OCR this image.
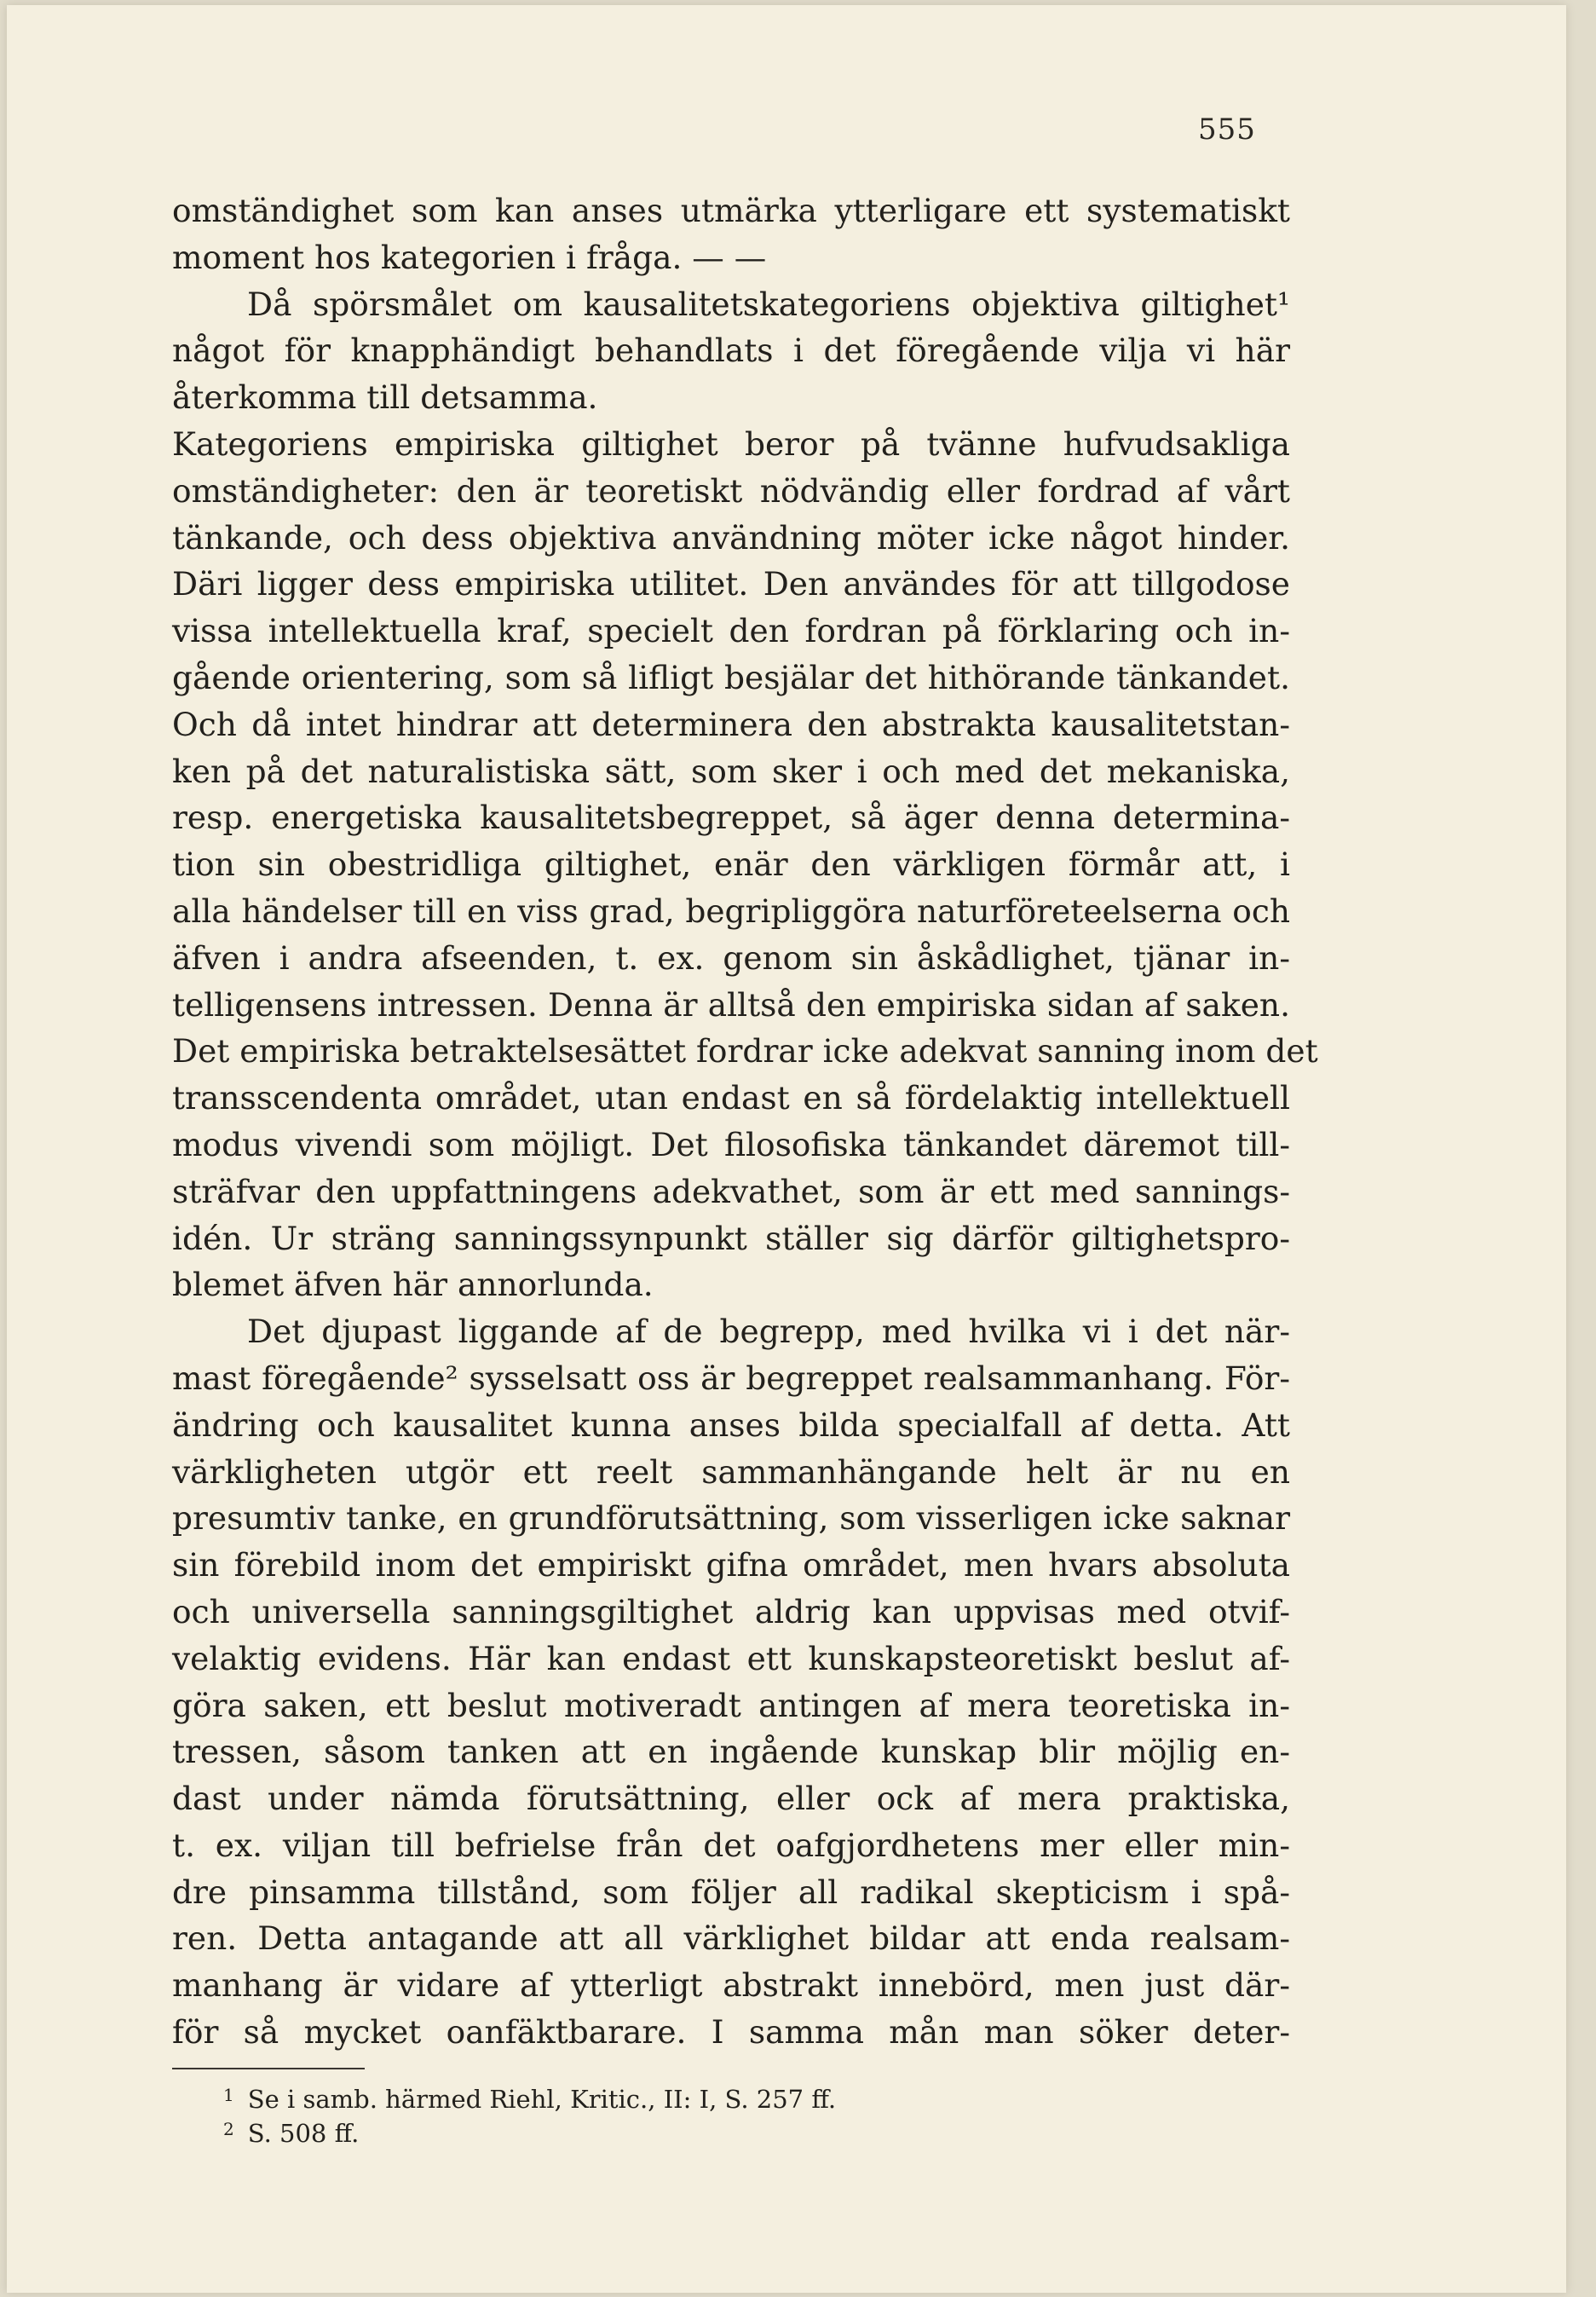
555
omständighet som kan anses utmärka ytterligare ett systematiskt
moment hos kategorien i fråga. — —
Då spörsmålet om kausalitetskategoriens objektiva giltighet¹
något för knapphändigt behandlats i det föregående vilja vi här
återkomma till detsamma.
Kategoriens empiriska giltighet beror på tvänne hufvudsakliga
omständigheter: den är teoretiskt nödvändig eller fordrad af vårt
tänkande, och dess objektiva användning möter icke något hinder.
Däri ligger dess empiriska utilitet. Den användes för att tillgodose
vissa intellektuella kraf, specielt den fordran på förklaring och in-
gående orientering, som så lifligt besjälar det hithörande tänkandet.
Och då intet hindrar att determinera den abstrakta kausalitetstan-
ken på det naturalistiska sätt, som sker i och med det mekaniska,
resp. energetiska kausalitetsbegreppet, så äger denna determina-
tion sin obestridliga giltighet, enär den värkligen förmår att, i
alla händelser till en viss grad, begripliggöra naturföreteelserna och
äfven i andra afseenden, t. ex. genom sin åskådlighet, tjänar in-
telligensens intressen. Denna är alltså den empiriska sidan af saken.
Det empiriska betraktelsesättet fordrar icke adekvat sanning inom det
transscendenta området, utan endast en så fördelaktig intellektuell
modus vivendi som möjligt. Det filosofiska tänkandet däremot till-
sträfvar den uppfattningens adekvathet, som är ett med sannings-
idén. Ur sträng sanningssynpunkt ställer sig därför giltighetspro-
blemet äfven här annorlunda.
Det djupast liggande af de begrepp, med hvilka vi i det när-
mast föregående² sysselsatt oss är begreppet realsammanhang. För-
ändring och kausalitet kunna anses bilda specialfall af detta. Att
värkligheten utgör ett reelt sammanhängande helt är nu en
presumtiv tanke, en grundförutsättning, som visserligen icke saknar
sin förebild inom det empiriskt gifna området, men hvars absoluta
och universella sanningsgiltighet aldrig kan uppvisas med otvif-
velaktig evidens. Här kan endast ett kunskapsteoretiskt beslut af-
göra saken, ett beslut motiveradt antingen af mera teoretiska in-
tressen, såsom tanken att en ingående kunskap blir möjlig en-
dast under nämda förutsättning, eller ock af mera praktiska,
t. ex. viljan till befrielse från det oafgjordhetens mer eller min-
dre pinsamma tillstånd, som följer all radikal skepticism i spå-
ren. Detta antagande att all värklighet bildar att enda realsam-
manhang är vidare af ytterligt abstrakt innebörd, men just där-
för så mycket oanfäktbarare. I samma mån man söker deter-
$^1$ Se i samb. härmed Riehl, Kritic., II: I, S. 257 ff.
$^2$ S. 508 ff.
